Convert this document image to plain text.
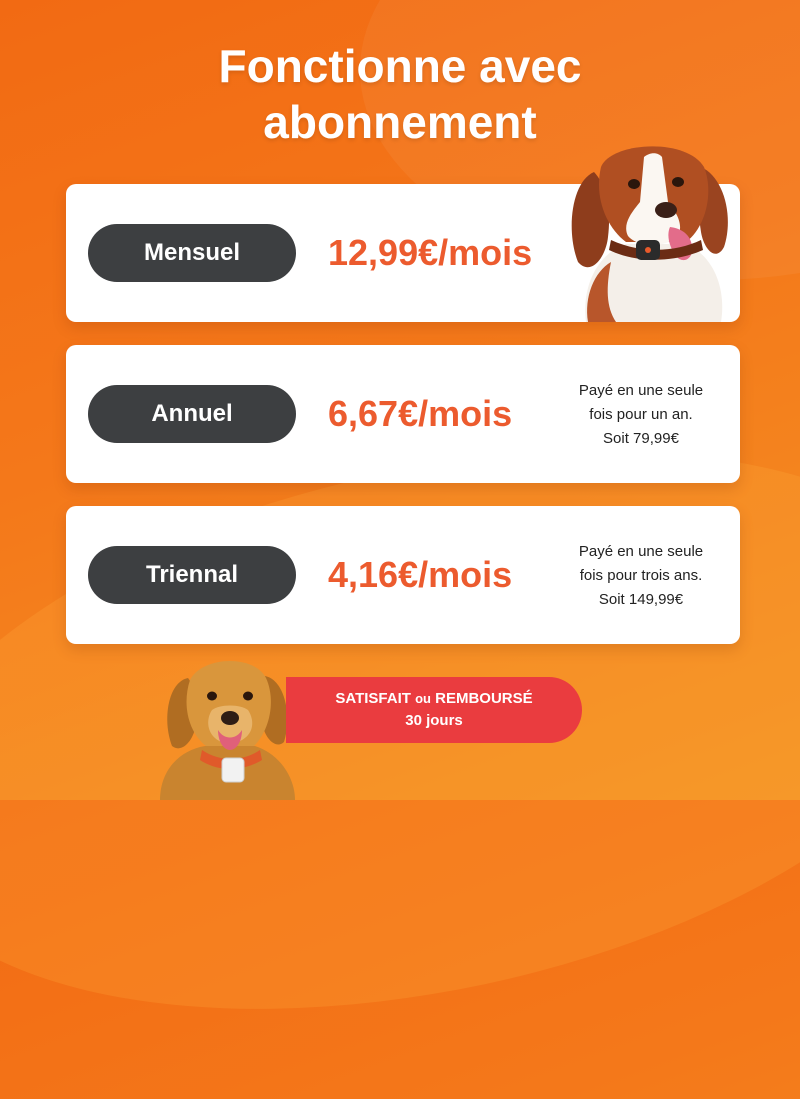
Fonctionne avec
abonnement
Mensuel	12,99€/mois
Annuel	6,67€/mois
Payé en une seule
fois pour un an.
Soit 79,99€
Triennal	4,16€/mois
Payé en une seule
fois pour trois ans.
Soit 149,99€
SATISFAIT ou REMBOURSÉ
30 jours
